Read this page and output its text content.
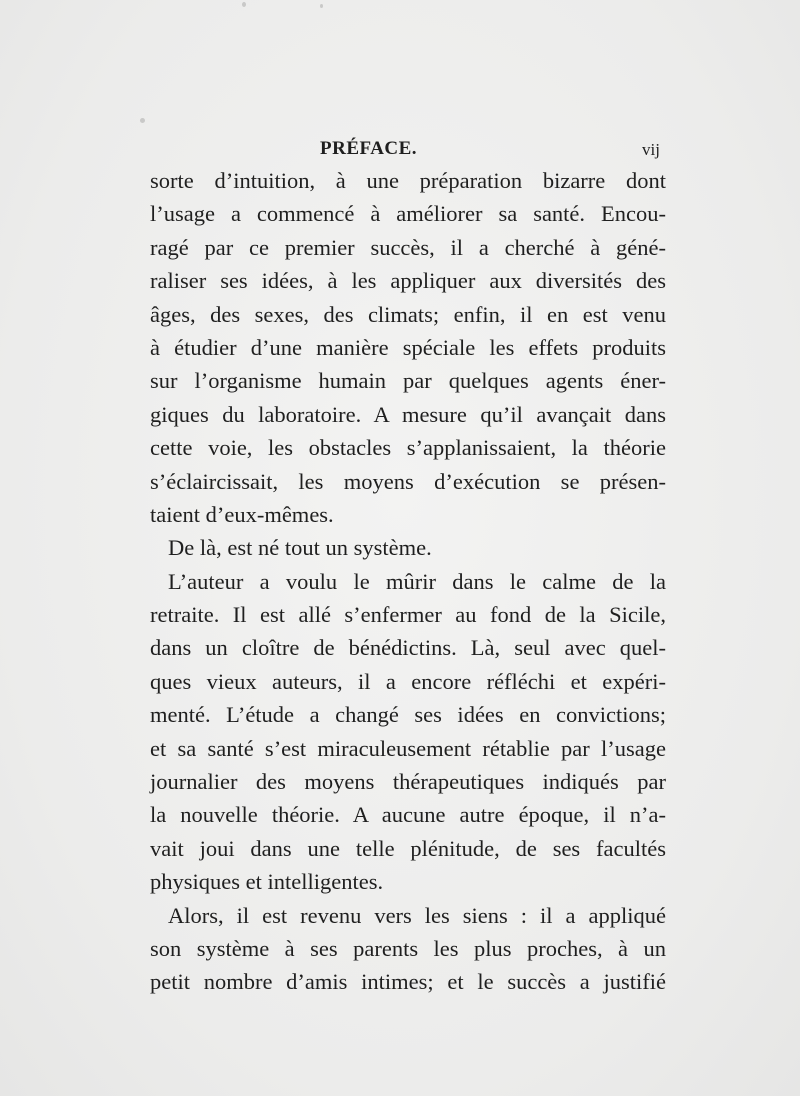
PRÉFACE.	vij
sorte d’intuition, à une préparation bizarre dont
l’usage a commencé à améliorer sa santé. Encou-
ragé par ce premier succès, il a cherché à géné-
raliser ses idées, à les appliquer aux diversités des
âges, des sexes, des climats; enfin, il en est venu
à étudier d’une manière spéciale les effets produits
sur l’organisme humain par quelques agents éner-
giques du laboratoire. A mesure qu’il avançait dans
cette voie, les obstacles s’applanissaient, la théorie
s’éclaircissait, les moyens d’exécution se présen-
taient d’eux-mêmes.
De là, est né tout un système.
L’auteur a voulu le mûrir dans le calme de la
retraite. Il est allé s’enfermer au fond de la Sicile,
dans un cloître de bénédictins. Là, seul avec quel-
ques vieux auteurs, il a encore réfléchi et expéri-
menté. L’étude a changé ses idées en convictions;
et sa santé s’est miraculeusement rétablie par l’usage
journalier des moyens thérapeutiques indiqués par
la nouvelle théorie. A aucune autre époque, il n’a-
vait joui dans une telle plénitude, de ses facultés
physiques et intelligentes.
Alors, il est revenu vers les siens : il a appliqué
son système à ses parents les plus proches, à un
petit nombre d’amis intimes; et le succès a justifié
